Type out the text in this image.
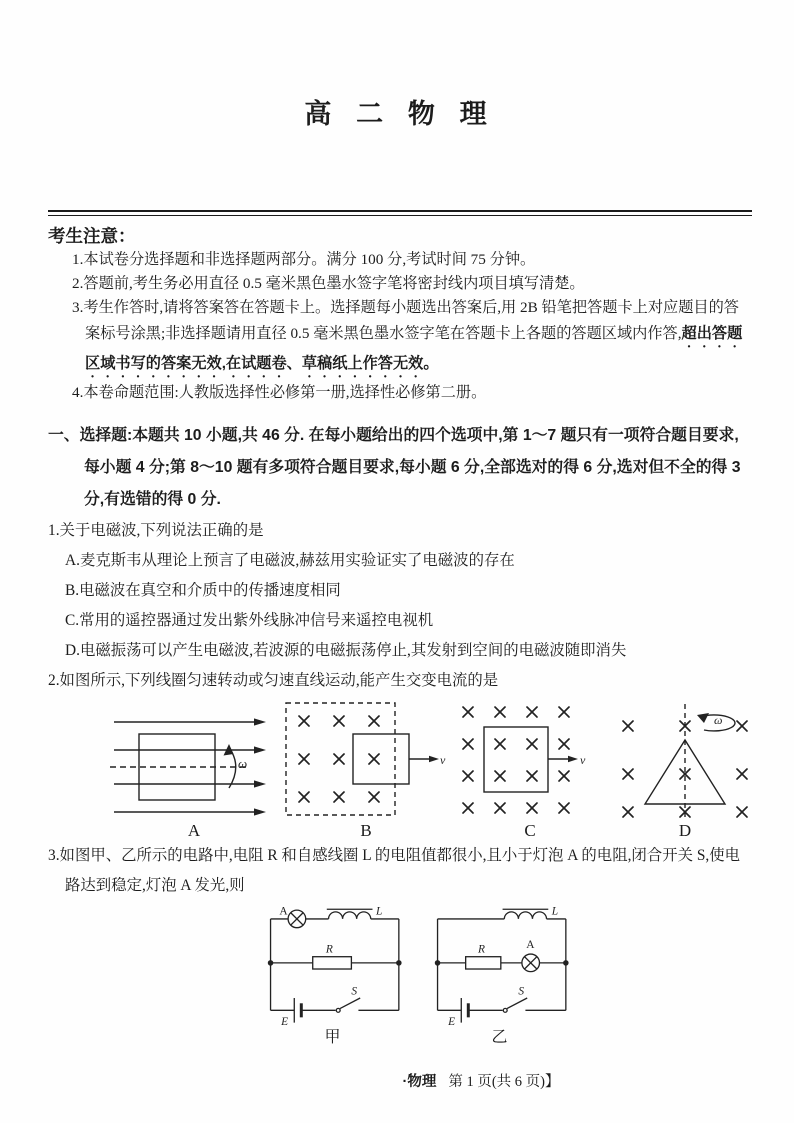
高 二 物 理
考生注意：
1.本试卷分选择题和非选择题两部分。满分 100 分,考试时间 75 分钟。
2.答题前,考生务必用直径 0.5 毫米黑色墨水签字笔将密封线内项目填写清楚。
3.考生作答时,请将答案答在答题卡上。选择题每小题选出答案后,用 2B 铅笔把答题卡上对应题目的答案标号涂黑;非选择题请用直径 0.5 毫米黑色墨水签字笔在答题卡上各题的答题区域内作答,超出答题区域书写的答案无效,在试题卷、草稿纸上作答无效。
4.本卷命题范围:人教版选择性必修第一册,选择性必修第二册。
一、选择题:本题共 10 小题,共 46 分. 在每小题给出的四个选项中,第 1～7 题只有一项符合题目要求,每小题 4 分;第 8～10 题有多项符合题目要求,每小题 6 分,全部选对的得 6 分,选对但不全的得 3 分,有选错的得 0 分.
1.关于电磁波,下列说法正确的是
A.麦克斯韦从理论上预言了电磁波,赫兹用实验证实了电磁波的存在
B.电磁波在真空和介质中的传播速度相同
C.常用的遥控器通过发出紫外线脉冲信号来遥控电视机
D.电磁振荡可以产生电磁波,若波源的电磁振荡停止,其发射到空间的电磁波随即消失
2.如图所示,下列线圈匀速转动或匀速直线运动,能产生交变电流的是
ω
A
v
B
v
C
ω
D
3.如图甲、乙所示的电路中,电阻 R 和自感线圈 L 的电阻值都很小,且小于灯泡 A 的电阻,闭合开关 S,使电路达到稳定,灯泡 A 发光,则
A	L
R
E
S
甲
L
R	A
E
S
乙
·物理 第 1 页(共 6 页)】
